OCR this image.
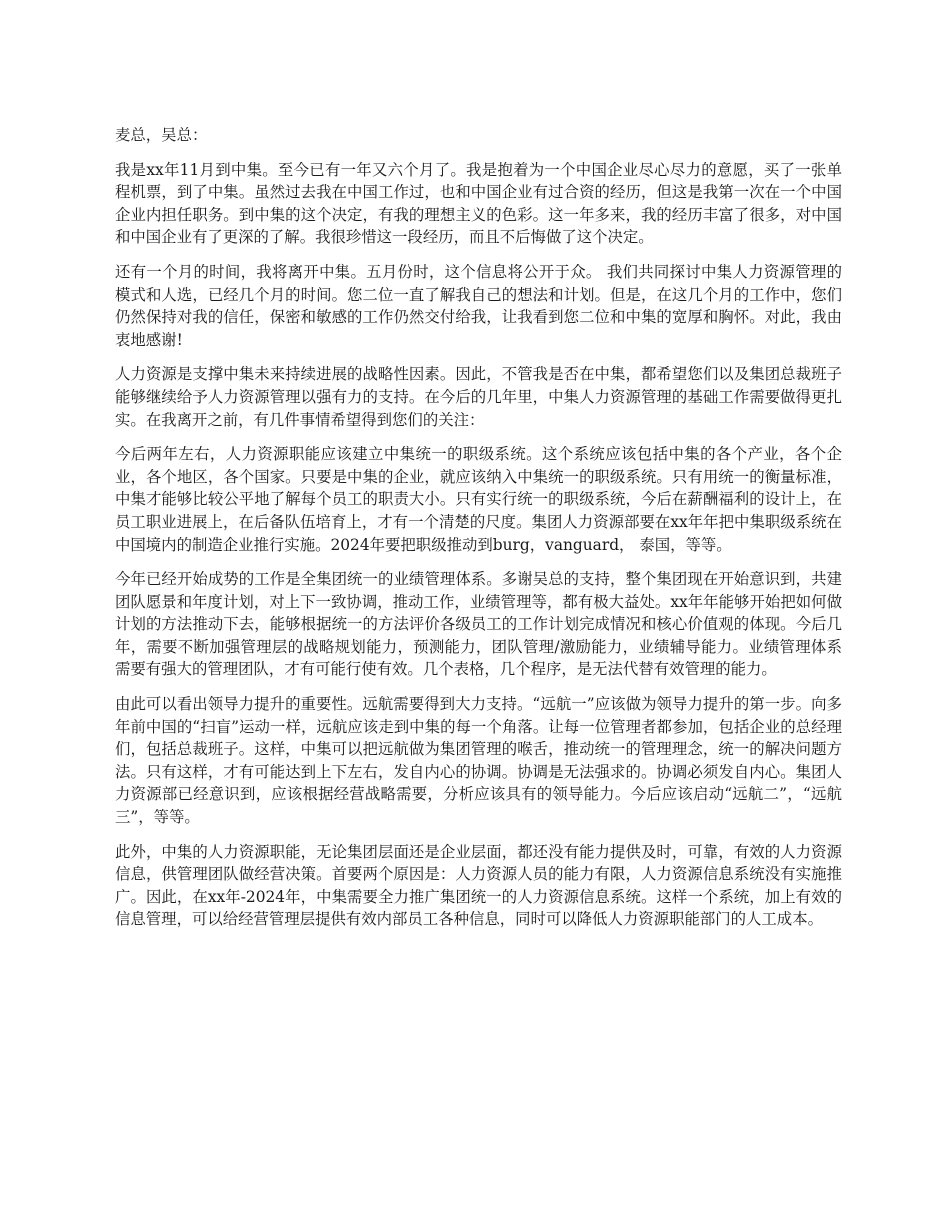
麦总，吴总：

我是xx年11月到中集。至今已有一年又六个月了。我是抱着为一个中国企业尽心尽力的意愿，买了一张单程机票，到了中集。虽然过去我在中国工作过，也和中国企业有过合资的经历，但这是我第一次在一个中国企业内担任职务。到中集的这个决定，有我的理想主义的色彩。这一年多来，我的经历丰富了很多，对中国和中国企业有了更深的了解。我很珍惜这一段经历，而且不后悔做了这个决定。

还有一个月的时间，我将离开中集。五月份时，这个信息将公开于众。 我们共同探讨中集人力资源管理的模式和人选，已经几个月的时间。您二位一直了解我自己的想法和计划。但是，在这几个月的工作中，您们仍然保持对我的信任，保密和敏感的工作仍然交付给我，让我看到您二位和中集的宽厚和胸怀。对此，我由衷地感谢!

人力资源是支撑中集未来持续进展的战略性因素。因此，不管我是否在中集，都希望您们以及集团总裁班子能够继续给予人力资源管理以强有力的支持。在今后的几年里，中集人力资源管理的基础工作需要做得更扎实。在我离开之前，有几件事情希望得到您们的关注：

今后两年左右，人力资源职能应该建立中集统一的职级系统。这个系统应该包括中集的各个产业，各个企业，各个地区，各个国家。只要是中集的企业，就应该纳入中集统一的职级系统。只有用统一的衡量标准，中集才能够比较公平地了解每个员工的职责大小。只有实行统一的职级系统，今后在薪酬福利的设计上，在员工职业进展上，在后备队伍培育上，才有一个清楚的尺度。集团人力资源部要在xx年年把中集职级系统在中国境内的制造企业推行实施。2024年要把职级推动到burg，vanguard， 泰国，等等。

今年已经开始成势的工作是全集团统一的业绩管理体系。多谢吴总的支持，整个集团现在开始意识到，共建团队愿景和年度计划，对上下一致协调，推动工作，业绩管理等，都有极大益处。xx年年能够开始把如何做计划的方法推动下去，能够根据统一的方法评价各级员工的工作计划完成情况和核心价值观的体现。今后几年，需要不断加强管理层的战略规划能力，预测能力，团队管理/激励能力，业绩辅导能力。业绩管理体系需要有强大的管理团队，才有可能行使有效。几个表格，几个程序，是无法代替有效管理的能力。

由此可以看出领导力提升的重要性。远航需要得到大力支持。“远航一”应该做为领导力提升的第一步。向多年前中国的“扫盲”运动一样，远航应该走到中集的每一个角落。让每一位管理者都参加，包括企业的总经理们，包括总裁班子。这样，中集可以把远航做为集团管理的喉舌，推动统一的管理理念，统一的解决问题方法。只有这样，才有可能达到上下左右，发自内心的协调。协调是无法强求的。协调必须发自内心。集团人力资源部已经意识到，应该根据经营战略需要，分析应该具有的领导能力。今后应该启动“远航二”，“远航三”，等等。

此外，中集的人力资源职能，无论集团层面还是企业层面，都还没有能力提供及时，可靠，有效的人力资源信息，供管理团队做经营决策。首要两个原因是：人力资源人员的能力有限，人力资源信息系统没有实施推广。因此，在xx年-2024年，中集需要全力推广集团统一的人力资源信息系统。这样一个系统，加上有效的信息管理，可以给经营管理层提供有效内部员工各种信息，同时可以降低人力资源职能部门的人工成本。
